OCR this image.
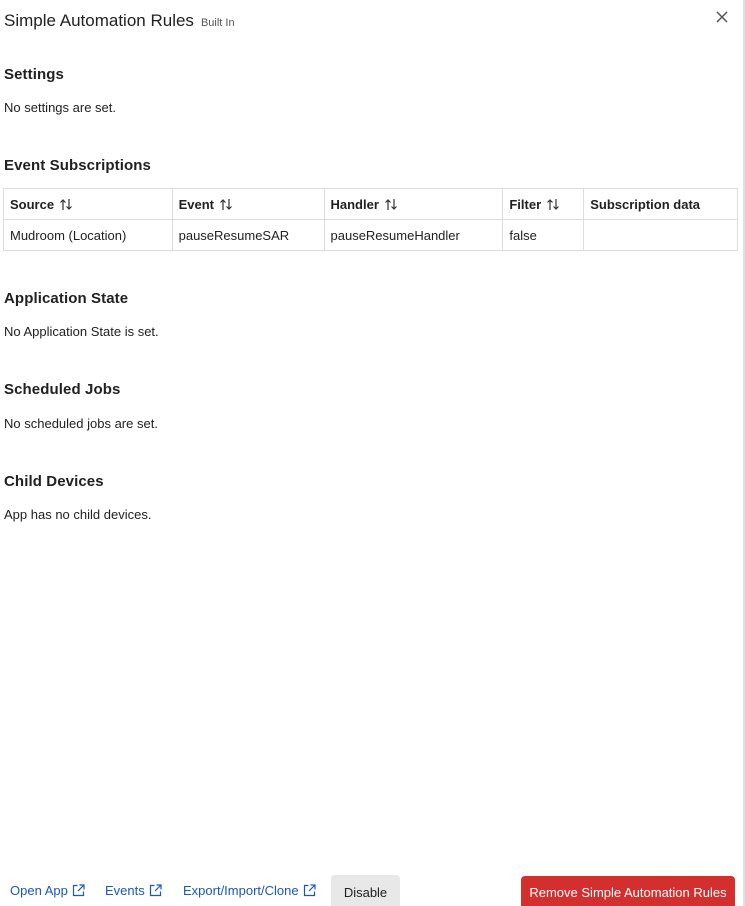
Simple Automation Rules Built In
Settings
No settings are set.
Event Subscriptions
Source	Event	Handler	Filter	Subscription data
Mudroom (Location)	pauseResumeSAR	pauseResumeHandler	false	
Application State
No Application State is set.
Scheduled Jobs
No scheduled jobs are set.
Child Devices
App has no child devices.
Open App	Events	Export/Import/Clone	Disable	Remove Simple Automation Rules
